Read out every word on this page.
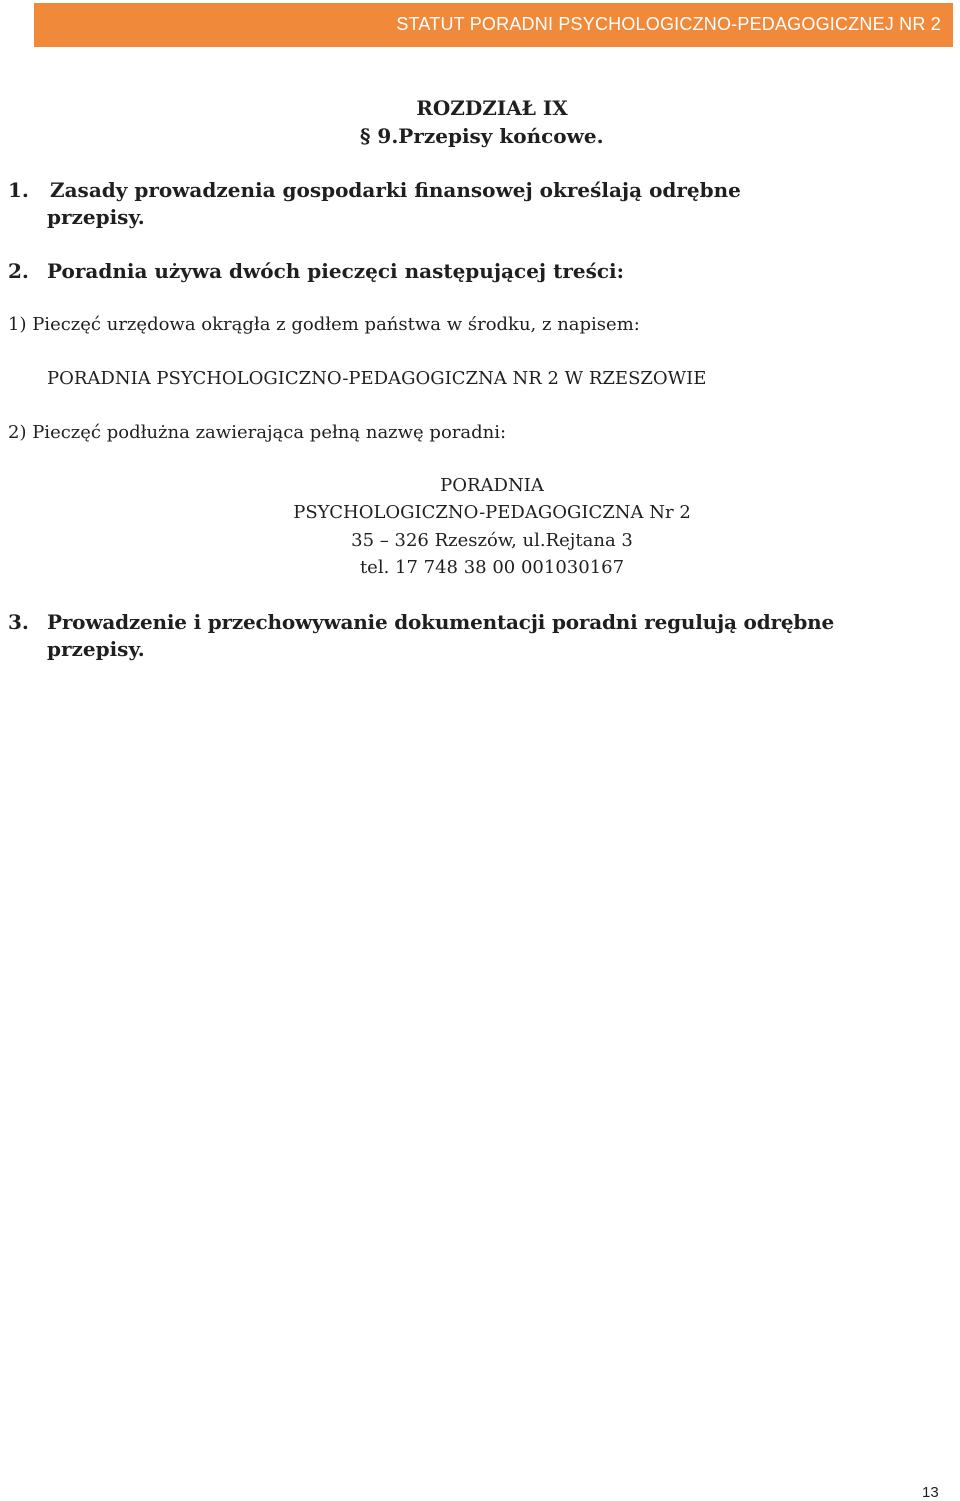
STATUT PORADNI PSYCHOLOGICZNO-PEDAGOGICZNEJ NR 2
ROZDZIAŁ IX
§ 9.Przepisy końcowe.
1. Zasady prowadzenia gospodarki finansowej określają odrębne
przepisy.
2. Poradnia używa dwóch pieczęci następującej treści:
1) Pieczęć urzędowa okrągła z godłem państwa w środku, z napisem:
PORADNIA PSYCHOLOGICZNO-PEDAGOGICZNA NR 2 W RZESZOWIE
2) Pieczęć podłużna zawierająca pełną nazwę poradni:
PORADNIA
PSYCHOLOGICZNO-PEDAGOGICZNA Nr 2
35 – 326 Rzeszów, ul.Rejtana 3
tel. 17 748 38 00 001030167
3. Prowadzenie i przechowywanie dokumentacji poradni regulują odrębne
przepisy.
13
